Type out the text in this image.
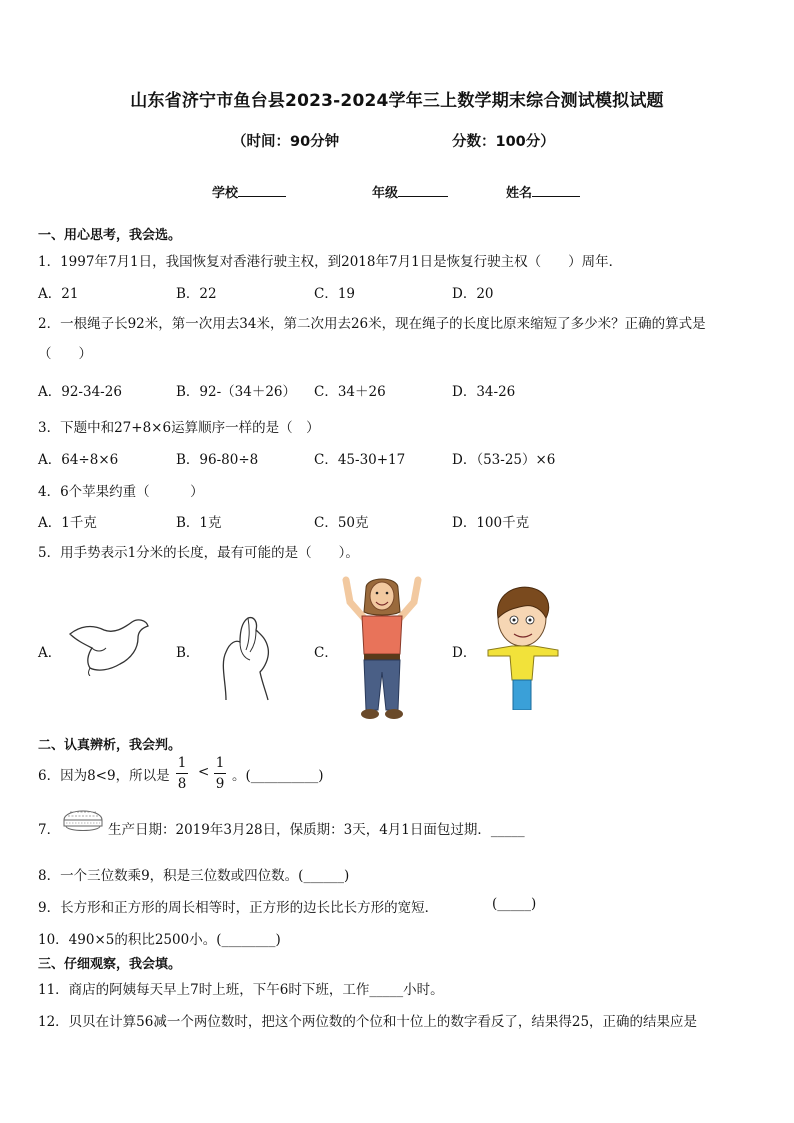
山东省济宁市鱼台县2023-2024学年三上数学期末综合测试模拟试题
（时间：90分钟	分数：100分）
学校	年级	姓名
一、用心思考，我会选。
1．1997年7月1日，我国恢复对香港行驶主权，到2018年7月1日是恢复行驶主权（　　）周年．
A．21	B．22	C．19	D．20
2．一根绳子长92米，第一次用去34米，第二次用去26米，现在绳子的长度比原来缩短了多少米？正确的算式是
（　　）
A．92-34-26	B．92-（34＋26） C．34＋26	D．34-26
3．下题中和27+8×6运算顺序一样的是（　）
A．64÷8×6	B．96-80÷8	C．45-30+17	D．（53-25）×6
4．6个苹果约重（　　　）
A．1千克	B．1克	C．50克	D．100千克
5．用手势表示1分米的长度，最有可能的是（　　）。
A．	B．	C．	D．
二、认真辨析，我会判。
6．因为8<9，所以是
1
8
<
1
9 。(__________)
7．	生产日期：2019年3月28日，保质期：3天，4月1日面包过期．_____
8．一个三位数乘9，积是三位数或四位数。(______)
9．长方形和正方形的周长相等时，正方形的边长比长方形的宽短．	(_____)
10．490×5的积比2500小。(________)
三、仔细观察，我会填。
11．商店的阿姨每天早上7时上班，下午6时下班，工作_____小时。
12．贝贝在计算56减一个两位数时，把这个两位数的个位和十位上的数字看反了，结果得25，正确的结果应是
